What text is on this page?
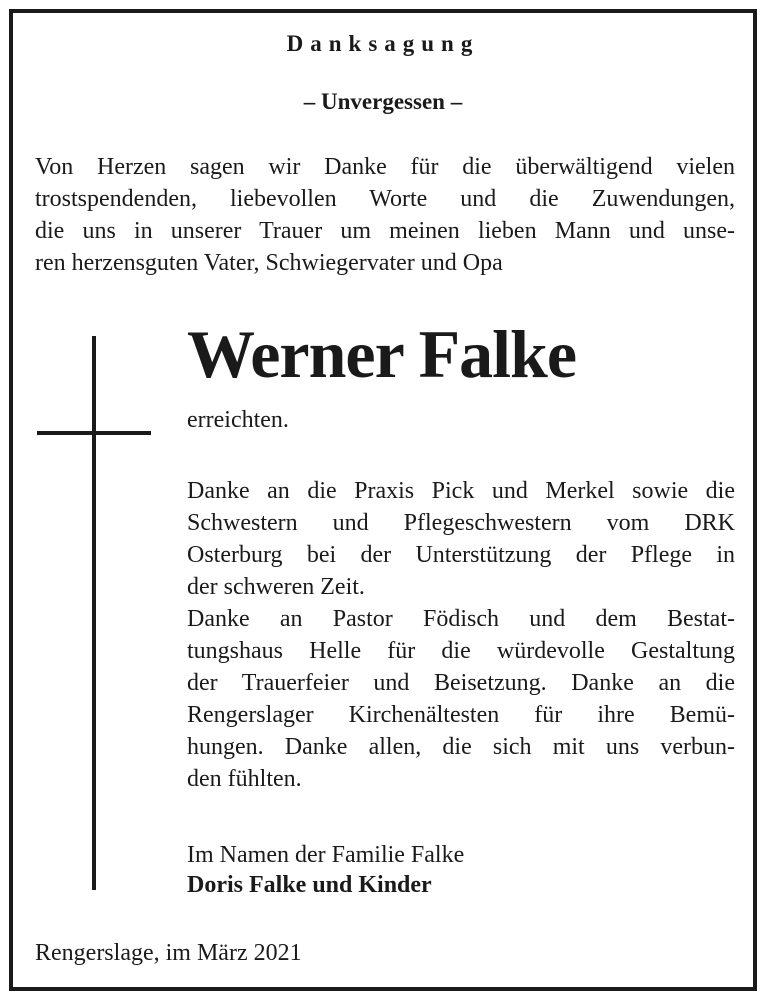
Danksagung
– Unvergessen –
Von Herzen sagen wir Danke für die überwältigend vielen
trostspendenden, liebevollen Worte und die Zuwendungen,
die uns in unserer Trauer um meinen lieben Mann und unse-
ren herzensguten Vater, Schwiegervater und Opa
Werner Falke
erreichten.
Danke an die Praxis Pick und Merkel sowie die
Schwestern und Pflegeschwestern vom DRK
Osterburg bei der Unterstützung der Pflege in
der schweren Zeit.
Danke an Pastor Födisch und dem Bestat-
tungshaus Helle für die würdevolle Gestaltung
der Trauerfeier und Beisetzung. Danke an die
Rengerslager Kirchenältesten für ihre Bemü-
hungen. Danke allen, die sich mit uns verbun-
den fühlten.
Im Namen der Familie Falke
Doris Falke und Kinder
Rengerslage, im März 2021
